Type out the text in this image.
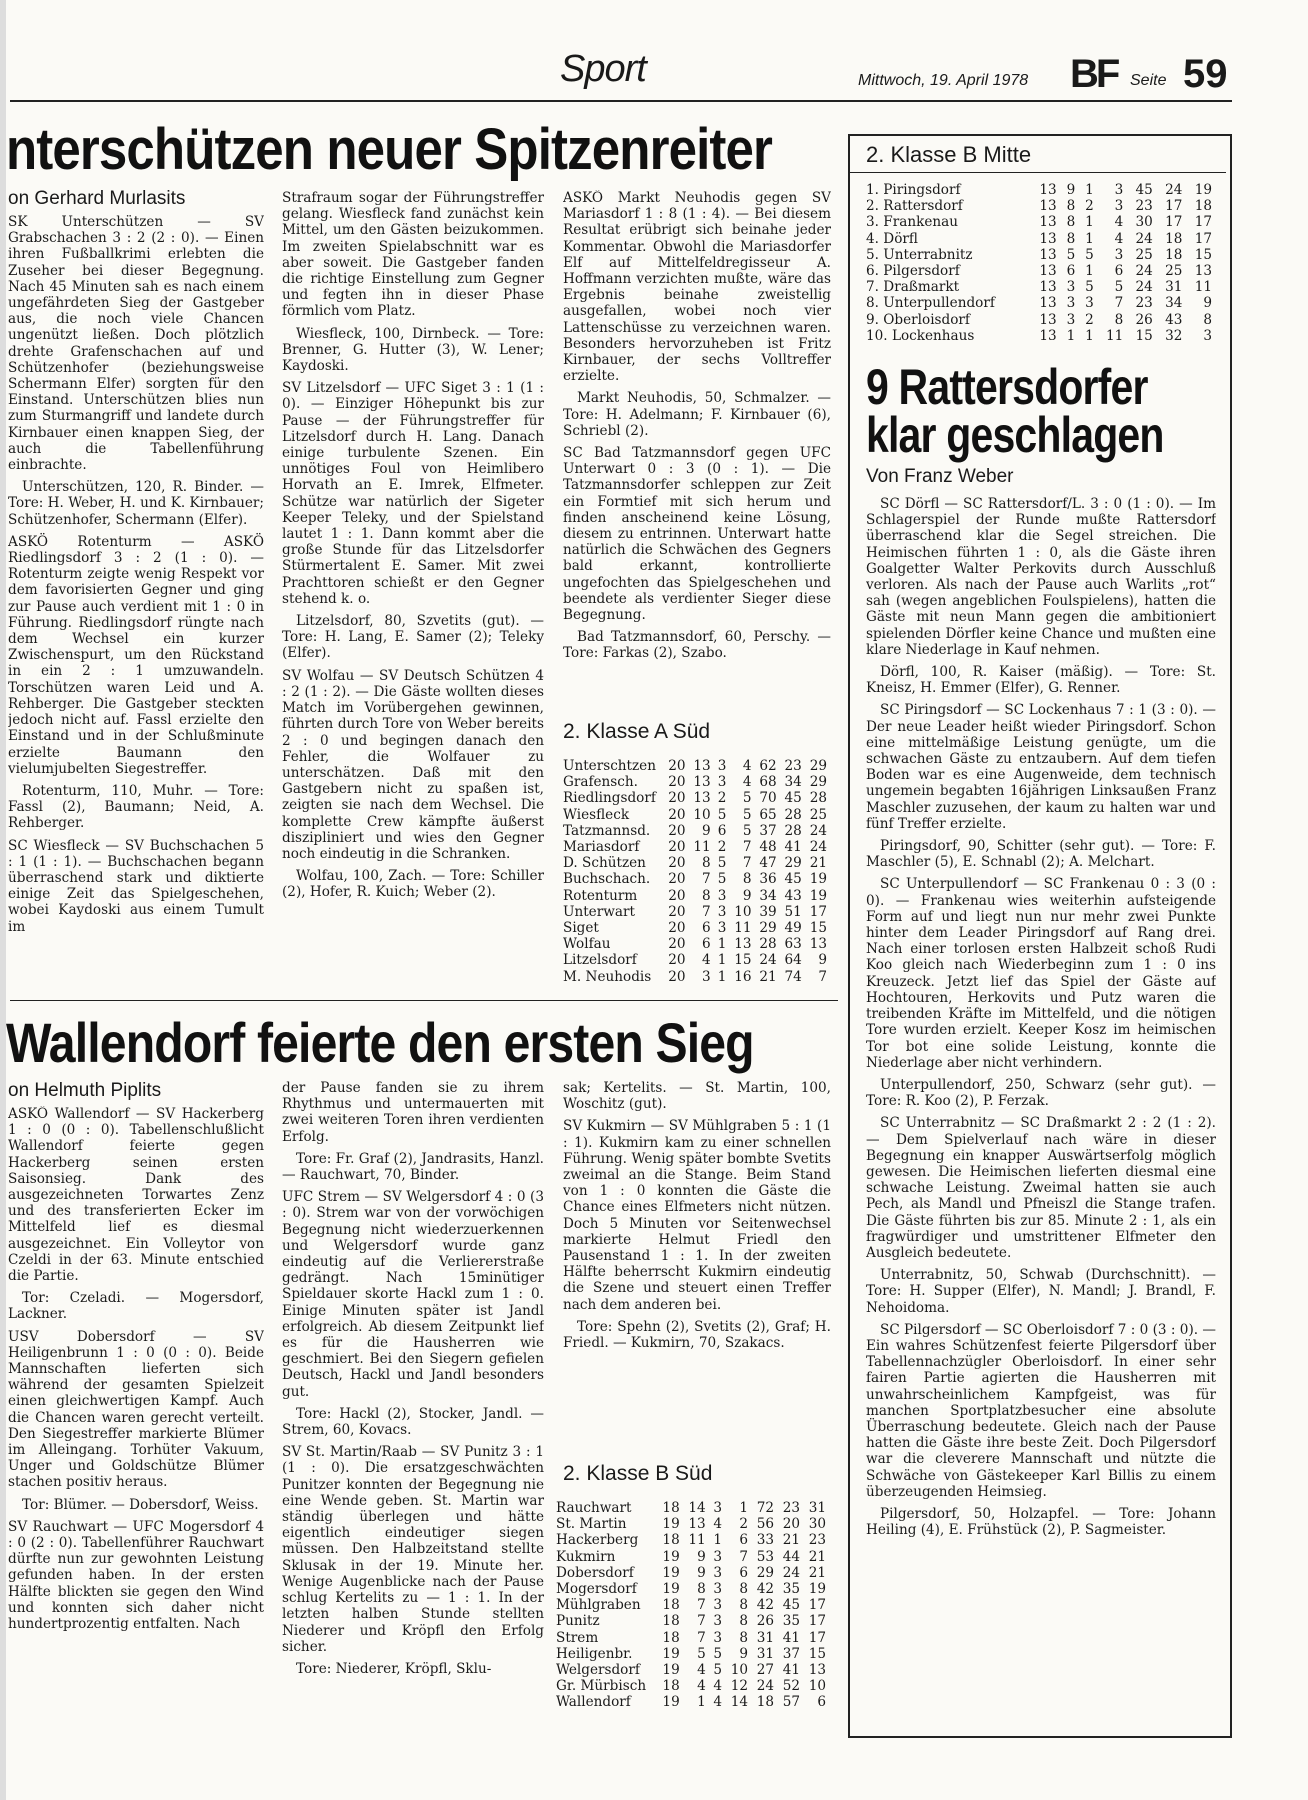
Sport	Mittwoch, 19. April 1978 BF Seite 59
nterschützen neuer Spitzenreiter
on Gerhard Murlasits

SK Unterschützen — SV Grabschachen 3 : 2 (2 : 0). — Einen ihren Fußballkrimi erlebten die Zuseher bei dieser Begegnung. Nach 45 Minuten sah es nach einem ungefährdeten Sieg der Gastgeber aus, die noch viele Chancen ungenützt ließen. Doch plötzlich drehte Grafenschachen auf und Schützenhofer (beziehungsweise Schermann Elfer) sorgten für den Einstand. Unterschützen blies nun zum Sturmangriff und landete durch Kirnbauer einen knappen Sieg, der auch die Tabellenführung einbrachte.

Unterschützen, 120, R. Binder. — Tore: H. Weber, H. und K. Kirnbauer; Schützenhofer, Schermann (Elfer).

ASKÖ Rotenturm — ASKÖ Riedlingsdorf 3 : 2 (1 : 0). — Rotenturm zeigte wenig Respekt vor dem favorisierten Gegner und ging zur Pause auch verdient mit 1 : 0 in Führung. Riedlingsdorf rüngte nach dem Wechsel ein kurzer Zwischenspurt, um den Rückstand in ein 2 : 1 umzuwandeln. Torschützen waren Leid und A. Rehberger. Die Gastgeber steckten jedoch nicht auf. Fassl erzielte den Einstand und in der Schlußminute erzielte Baumann den vielumjubelten Siegestreffer.

Rotenturm, 110, Muhr. — Tore: Fassl (2), Baumann; Neid, A. Rehberger.

SC Wiesfleck — SV Buchschachen 5 : 1 (1 : 1). — Buchschachen begann überraschend stark und diktierte einige Zeit das Spielgeschehen, wobei Kaydoski aus einem Tumult im

Strafraum sogar der Führungstreffer gelang. Wiesfleck fand zunächst kein Mittel, um den Gästen beizukommen. Im zweiten Spielabschnitt war es aber soweit. Die Gastgeber fanden die richtige Einstellung zum Gegner und fegten ihn in dieser Phase förmlich vom Platz.

Wiesfleck, 100, Dirnbeck. — Tore: Brenner, G. Hutter (3), W. Lener; Kaydoski.

SV Litzelsdorf — UFC Siget 3 : 1 (1 : 0). — Einziger Höhepunkt bis zur Pause — der Führungstreffer für Litzelsdorf durch H. Lang. Danach einige turbulente Szenen. Ein unnötiges Foul von Heimlibero Horvath an E. Imrek, Elfmeter. Schütze war natürlich der Sigeter Keeper Teleky, und der Spielstand lautet 1 : 1. Dann kommt aber die große Stunde für das Litzelsdorfer Stürmertalent E. Samer. Mit zwei Prachttoren schießt er den Gegner stehend k. o.

Litzelsdorf, 80, Szvetits (gut). — Tore: H. Lang, E. Samer (2); Teleky (Elfer).

SV Wolfau — SV Deutsch Schützen 4 : 2 (1 : 2). — Die Gäste wollten dieses Match im Vorübergehen gewinnen, führten durch Tore von Weber bereits 2 : 0 und begingen danach den Fehler, die Wolfauer zu unterschätzen. Daß mit den Gastgebern nicht zu spaßen ist, zeigten sie nach dem Wechsel. Die komplette Crew kämpfte äußerst diszipliniert und wies den Gegner noch eindeutig in die Schranken.

Wolfau, 100, Zach. — Tore: Schiller (2), Hofer, R. Kuich; Weber (2).

ASKÖ Markt Neuhodis gegen SV Mariasdorf 1 : 8 (1 : 4). — Bei diesem Resultat erübrigt sich beinahe jeder Kommentar. Obwohl die Mariasdorfer Elf auf Mittelfeldregisseur A. Hoffmann verzichten mußte, wäre das Ergebnis beinahe zweistellig ausgefallen, wobei noch vier Lattenschüsse zu verzeichnen waren. Besonders hervorzuheben ist Fritz Kirnbauer, der sechs Volltreffer erzielte.

Markt Neuhodis, 50, Schmalzer. — Tore: H. Adelmann; F. Kirnbauer (6), Schriebl (2).

SC Bad Tatzmannsdorf gegen UFC Unterwart 0 : 3 (0 : 1). — Die Tatzmannsdorfer schleppen zur Zeit ein Formtief mit sich herum und finden anscheinend keine Lösung, diesem zu entrinnen. Unterwart hatte natürlich die Schwächen des Gegners bald erkannt, kontrollierte ungefochten das Spielgeschehen und beendete als verdienter Sieger diese Begegnung.

Bad Tatzmannsdorf, 60, Perschy. — Tore: Farkas (2), Szabo.

2. Klasse A Süd
Unterschtzen	20	13	3	4	62	23	29
Grafensch.	20	13	3	4	68	34	29
Riedlingsdorf	20	13	2	5	70	45	28
Wiesfleck	20	10	5	5	65	28	25
Tatzmannsd.	20	9	6	5	37	28	24
Mariasdorf	20	11	2	7	48	41	24
D. Schützen	20	8	5	7	47	29	21
Buchschach.	20	7	5	8	36	45	19
Rotenturm	20	8	3	9	34	43	19
Unterwart	20	7	3	10	39	51	17
Siget	20	6	3	11	29	49	15
Wolfau	20	6	1	13	28	63	13
Litzelsdorf	20	4	1	15	24	64	9
M. Neuhodis	20	3	1	16	21	74	7
2. Klasse B Mitte
1. Piringsdorf	13	9	1	3	45	24	19
2. Rattersdorf	13	8	2	3	23	17	18
3. Frankenau	13	8	1	4	30	17	17
4. Dörfl	13	8	1	4	24	18	17
5. Unterrabnitz	13	5	5	3	25	18	15
6. Pilgersdorf	13	6	1	6	24	25	13
7. Draßmarkt	13	3	5	5	24	31	11
8. Unterpullendorf	13	3	3	7	23	34	9
9. Oberloisdorf	13	3	2	8	26	43	8
10. Lockenhaus	13	1	1	11	15	32	3
9 Rattersdorfer
klar geschlagen
Von Franz Weber

SC Dörfl — SC Rattersdorf/L. 3 : 0 (1 : 0). — Im Schlagerspiel der Runde mußte Rattersdorf überraschend klar die Segel streichen. Die Heimischen führten 1 : 0, als die Gäste ihren Goalgetter Walter Perkovits durch Ausschluß verloren. Als nach der Pause auch Warlits „rot“ sah (wegen angeblichen Foulspielens), hatten die Gäste mit neun Mann gegen die ambitioniert spielenden Dörfler keine Chance und mußten eine klare Niederlage in Kauf nehmen.

Dörfl, 100, R. Kaiser (mäßig). — Tore: St. Kneisz, H. Emmer (Elfer), G. Renner.

SC Piringsdorf — SC Lockenhaus 7 : 1 (3 : 0). — Der neue Leader heißt wieder Piringsdorf. Schon eine mittelmäßige Leistung genügte, um die schwachen Gäste zu entzaubern. Auf dem tiefen Boden war es eine Augenweide, dem technisch ungemein begabten 16jährigen Linksaußen Franz Maschler zuzusehen, der kaum zu halten war und fünf Treffer erzielte.

Piringsdorf, 90, Schitter (sehr gut). — Tore: F. Maschler (5), E. Schnabl (2); A. Melchart.

SC Unterpullendorf — SC Frankenau 0 : 3 (0 : 0). — Frankenau wies weiterhin aufsteigende Form auf und liegt nun nur mehr zwei Punkte hinter dem Leader Piringsdorf auf Rang drei. Nach einer torlosen ersten Halbzeit schoß Rudi Koo gleich nach Wiederbeginn zum 1 : 0 ins Kreuzeck. Jetzt lief das Spiel der Gäste auf Hochtouren, Herkovits und Putz waren die treibenden Kräfte im Mittelfeld, und die nötigen Tore wurden erzielt. Keeper Kosz im heimischen Tor bot eine solide Leistung, konnte die Niederlage aber nicht verhindern.

Unterpullendorf, 250, Schwarz (sehr gut). — Tore: R. Koo (2), P. Ferzak.

SC Unterrabnitz — SC Draßmarkt 2 : 2 (1 : 2). — Dem Spielverlauf nach wäre in dieser Begegnung ein knapper Auswärtserfolg möglich gewesen. Die Heimischen lieferten diesmal eine schwache Leistung. Zweimal hatten sie auch Pech, als Mandl und Pfneiszl die Stange trafen. Die Gäste führten bis zur 85. Minute 2 : 1, als ein fragwürdiger und umstrittener Elfmeter den Ausgleich bedeutete.

Unterrabnitz, 50, Schwab (Durchschnitt). — Tore: H. Supper (Elfer), N. Mandl; J. Brandl, F. Nehoidoma.

SC Pilgersdorf — SC Oberloisdorf 7 : 0 (3 : 0). — Ein wahres Schützenfest feierte Pilgersdorf über Tabellennachzügler Oberloisdorf. In einer sehr fairen Partie agierten die Hausherren mit unwahrscheinlichem Kampfgeist, was für manchen Sportplatzbesucher eine absolute Überraschung bedeutete. Gleich nach der Pause hatten die Gäste ihre beste Zeit. Doch Pilgersdorf war die cleverere Mannschaft und nützte die Schwäche von Gästekeeper Karl Billis zu einem überzeugenden Heimsieg.

Pilgersdorf, 50, Holzapfel. — Tore: Johann Heiling (4), E. Frühstück (2), P. Sagmeister.

Wallendorf feierte den ersten Sieg
on Helmuth Piplits

ASKÖ Wallendorf — SV Hackerberg 1 : 0 (0 : 0). Tabellenschlußlicht Wallendorf feierte gegen Hackerberg seinen ersten Saisonsieg. Dank des ausgezeichneten Torwartes Zenz und des transferierten Ecker im Mittelfeld lief es diesmal ausgezeichnet. Ein Volleytor von Czeldi in der 63. Minute entschied die Partie.

Tor: Czeladi. — Mogersdorf, Lackner.

USV Dobersdorf — SV Heiligenbrunn 1 : 0 (0 : 0). Beide Mannschaften lieferten sich während der gesamten Spielzeit einen gleichwertigen Kampf. Auch die Chancen waren gerecht verteilt. Den Siegestreffer markierte Blümer im Alleingang. Torhüter Vakuum, Unger und Goldschütze Blümer stachen positiv heraus.

Tor: Blümer. — Dobersdorf, Weiss.

SV Rauchwart — UFC Mogersdorf 4 : 0 (2 : 0). Tabellenführer Rauchwart dürfte nun zur gewohnten Leistung gefunden haben. In der ersten Hälfte blickten sie gegen den Wind und konnten sich daher nicht hundertprozentig entfalten. Nach

der Pause fanden sie zu ihrem Rhythmus und untermauerten mit zwei weiteren Toren ihren verdienten Erfolg.

Tore: Fr. Graf (2), Jandrasits, Hanzl. — Rauchwart, 70, Binder.

UFC Strem — SV Welgersdorf 4 : 0 (3 : 0). Strem war von der vorwöchigen Begegnung nicht wiederzuerkennen und Welgersdorf wurde ganz eindeutig auf die Verliererstraße gedrängt. Nach 15minütiger Spieldauer skorte Hackl zum 1 : 0. Einige Minuten später ist Jandl erfolgreich. Ab diesem Zeitpunkt lief es für die Hausherren wie geschmiert. Bei den Siegern gefielen Deutsch, Hackl und Jandl besonders gut.

Tore: Hackl (2), Stocker, Jandl. — Strem, 60, Kovacs.

SV St. Martin/Raab — SV Punitz 3 : 1 (1 : 0). Die ersatzgeschwächten Punitzer konnten der Begegnung nie eine Wende geben. St. Martin war ständig überlegen und hätte eigentlich eindeutiger siegen müssen. Den Halbzeitstand stellte Sklusak in der 19. Minute her. Wenige Augenblicke nach der Pause schlug Kertelits zu — 1 : 1. In der letzten halben Stunde stellten Niederer und Kröpfl den Erfolg sicher.

Tore: Niederer, Kröpfl, Sklu-

sak; Kertelits. — St. Martin, 100, Woschitz (gut).

SV Kukmirn — SV Mühlgraben 5 : 1 (1 : 1). Kukmirn kam zu einer schnellen Führung. Wenig später bombte Svetits zweimal an die Stange. Beim Stand von 1 : 0 konnten die Gäste die Chance eines Elfmeters nicht nützen. Doch 5 Minuten vor Seitenwechsel markierte Helmut Friedl den Pausenstand 1 : 1. In der zweiten Hälfte beherrscht Kukmirn eindeutig die Szene und steuert einen Treffer nach dem anderen bei.

Tore: Spehn (2), Svetits (2), Graf; H. Friedl. — Kukmirn, 70, Szakacs.

2. Klasse B Süd
Rauchwart	18	14	3	1	72	23	31
St. Martin	19	13	4	2	56	20	30
Hackerberg	18	11	1	6	33	21	23
Kukmirn	19	9	3	7	53	44	21
Dobersdorf	19	9	3	6	29	24	21
Mogersdorf	19	8	3	8	42	35	19
Mühlgraben	18	7	3	8	42	45	17
Punitz	18	7	3	8	26	35	17
Strem	18	7	3	8	31	41	17
Heiligenbr.	19	5	5	9	31	37	15
Welgersdorf	19	4	5	10	27	41	13
Gr. Mürbisch	18	4	4	12	24	52	10
Wallendorf	19	1	4	14	18	57	6
